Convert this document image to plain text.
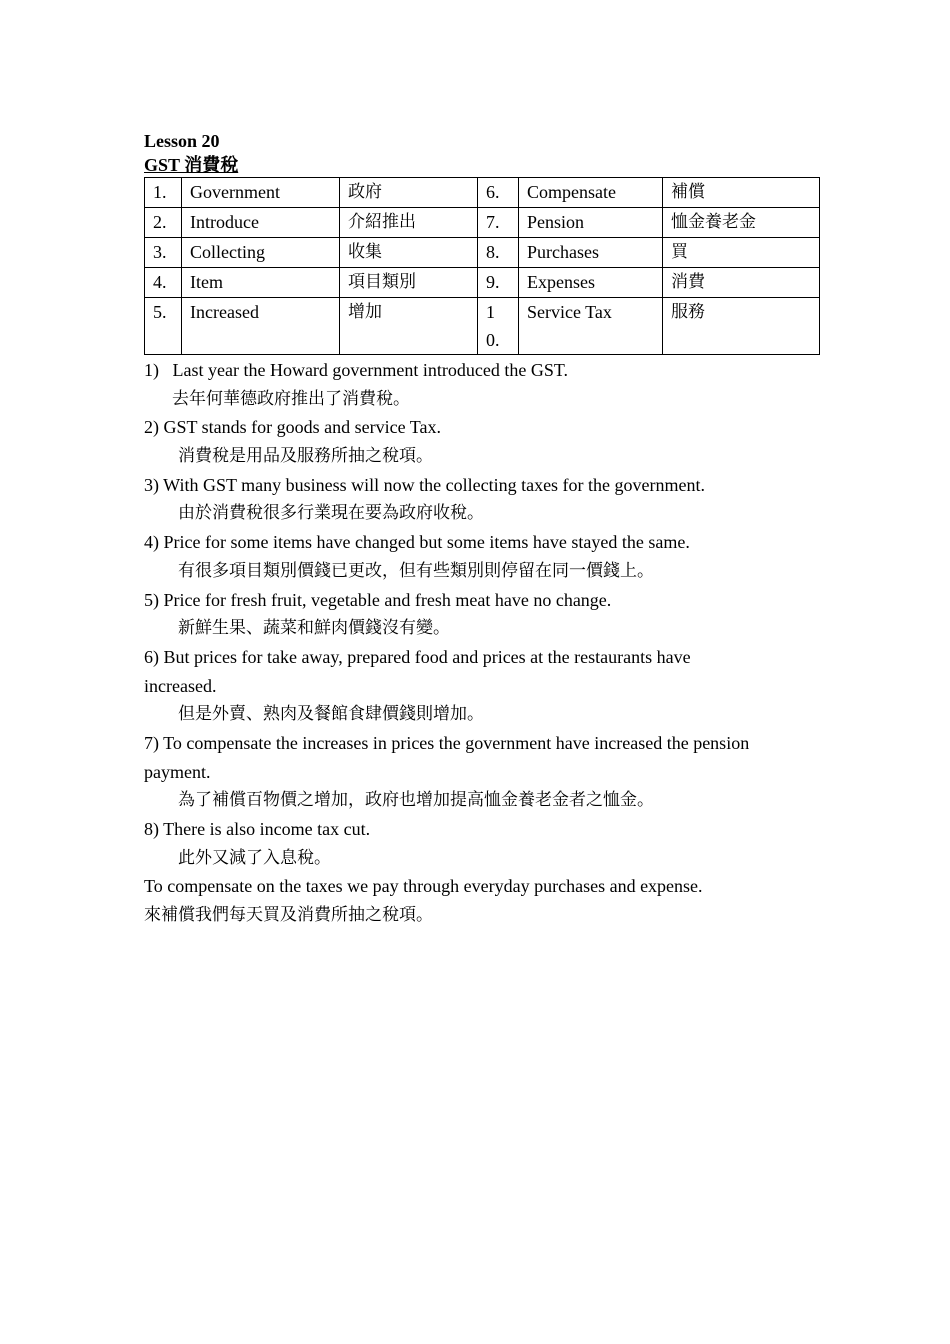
Lesson 20
GST 消費稅
1.	Government	政府	6.	Compensate	補償
2.	Introduce	介紹推出	7.	Pension	恤金養老金
3.	Collecting	收集	8.	Purchases	買
4.	Item	項目類別	9.	Expenses	消費
5.	Increased	增加	10.	Service Tax	服務
1)   Last year the Howard government introduced the GST.
去年何華德政府推出了消費稅。
2) GST stands for goods and service Tax.
消費稅是用品及服務所抽之稅項。
3) With GST many business will now the collecting taxes for the government.
由於消費稅很多行業現在要為政府收稅。
4) Price for some items have changed but some items have stayed the same.
有很多項目類別價錢已更改，但有些類別則停留在同一價錢上。
5) Price for fresh fruit, vegetable and fresh meat have no change.
新鮮生果、蔬菜和鮮肉價錢沒有變。
6) But prices for take away, prepared food and prices at the restaurants have
increased.
但是外賣、熟肉及餐館食肆價錢則增加。
7) To compensate the increases in prices the government have increased the pension
payment.
為了補償百物價之增加，政府也增加提高恤金養老金者之恤金。
8) There is also income tax cut.
此外又減了入息稅。
To compensate on the taxes we pay through everyday purchases and expense.
來補償我們每天買及消費所抽之稅項。
